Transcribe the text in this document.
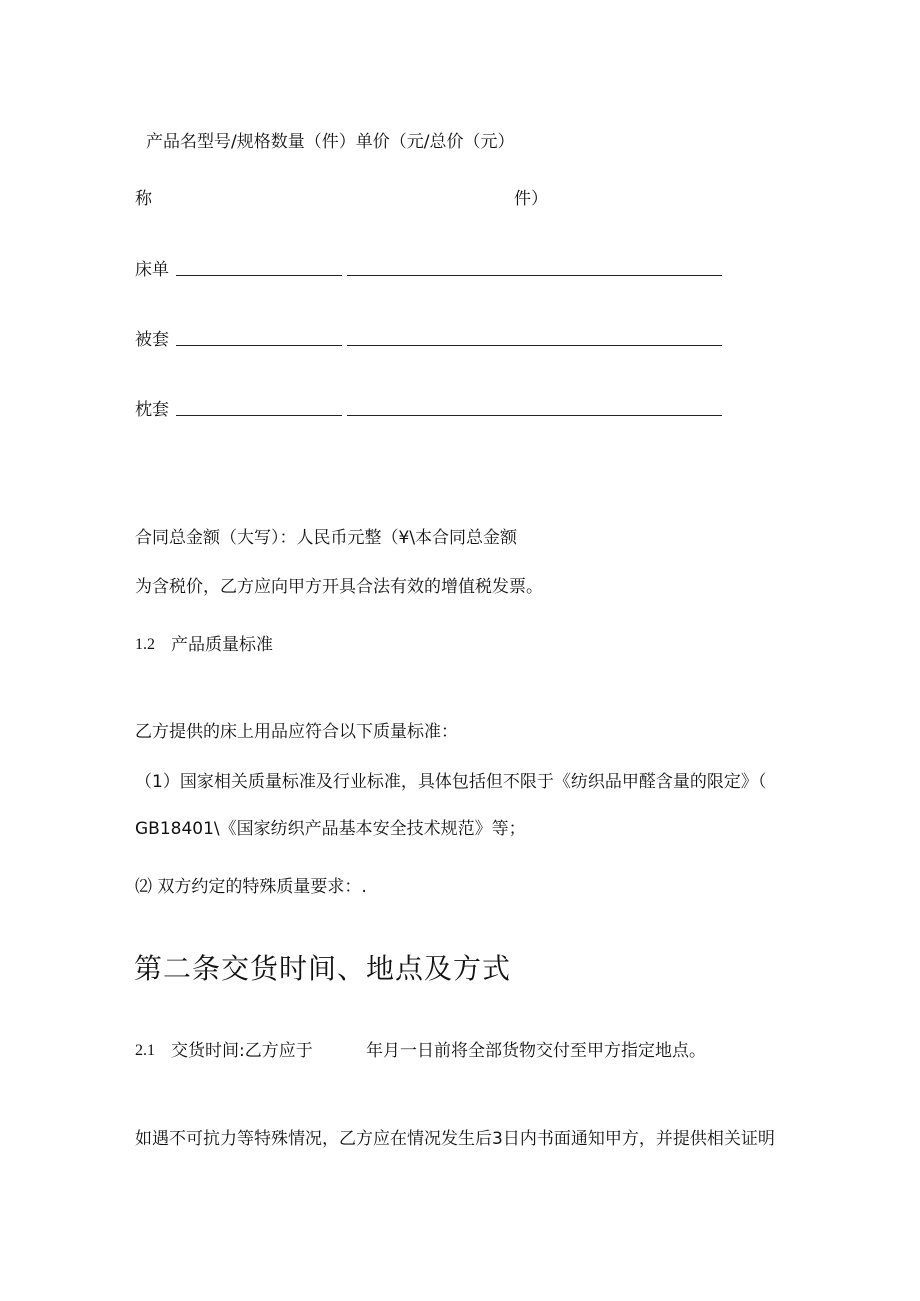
产品名型号/规格数量（件）单价（元/总价（元）
称	件）
床单
被套
枕套
合同总金额（大写）：人民币元整（¥\本合同总金额
为含税价，乙方应向甲方开具合法有效的增值税发票。
1.2 产品质量标准
乙方提供的床上用品应符合以下质量标准：
（1）国家相关质量标准及行业标准，具体包括但不限于《纺织品甲醛含量的限定》（
GB18401\《国家纺织产品基本安全技术规范》等；
⑵ 双方约定的特殊质量要求：.
第二条交货时间、地点及方式
2.1 交货时间:乙方应于	年月一日前将全部货物交付至甲方指定地点。
如遇不可抗力等特殊情况，乙方应在情况发生后3日内书面通知甲方，并提供相关证明
